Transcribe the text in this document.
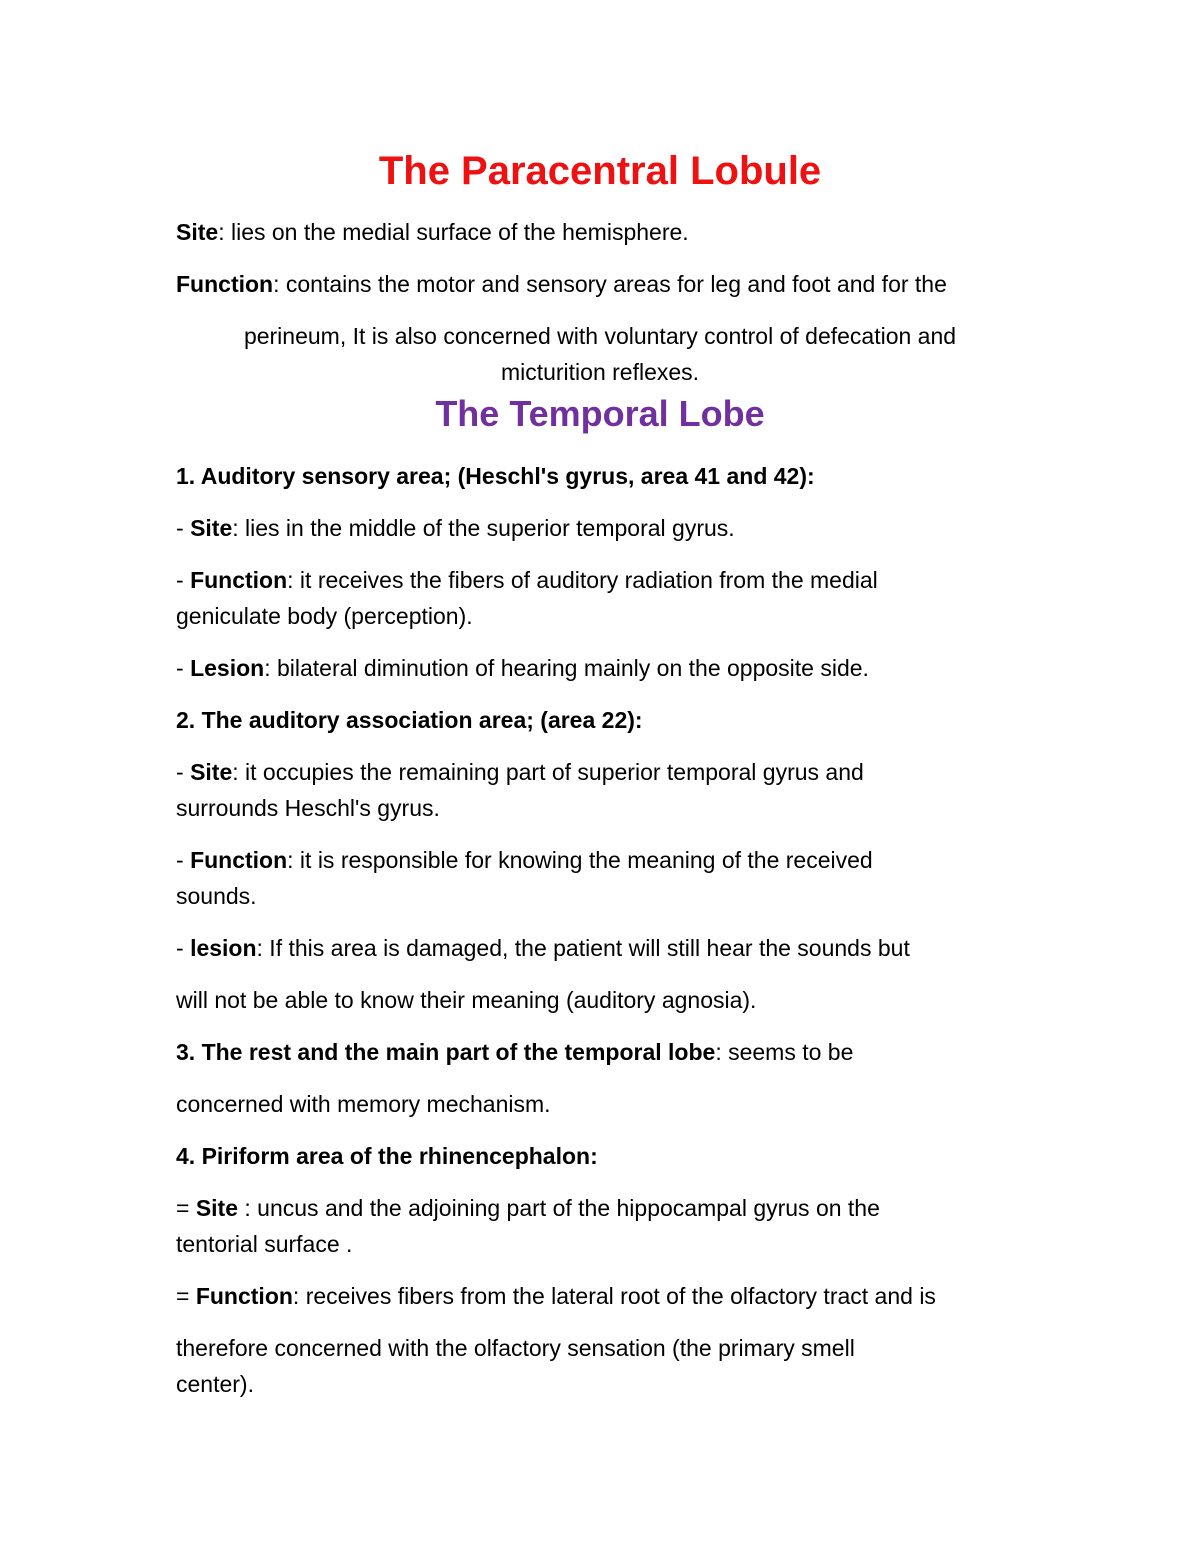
The Paracentral Lobule
Site: lies on the medial surface of the hemisphere.
Function: contains the motor and sensory areas for leg and foot and for the
perineum, It is also concerned with voluntary control of defecation and
micturition reflexes.
The Temporal Lobe
1. Auditory sensory area; (Heschl's gyrus, area 41 and 42):
- Site: lies in the middle of the superior temporal gyrus.
- Function: it receives the fibers of auditory radiation from the medial
geniculate body (perception).
- Lesion: bilateral diminution of hearing mainly on the opposite side.
2. The auditory association area; (area 22):
- Site: it occupies the remaining part of superior temporal gyrus and
surrounds Heschl's gyrus.
- Function: it is responsible for knowing the meaning of the received
sounds.
- lesion: If this area is damaged, the patient will still hear the sounds but
will not be able to know their meaning (auditory agnosia).
3. The rest and the main part of the temporal lobe: seems to be
concerned with memory mechanism.
4. Piriform area of the rhinencephalon:
= Site : uncus and the adjoining part of the hippocampal gyrus on the
tentorial surface .
= Function: receives fibers from the lateral root of the olfactory tract and is
therefore concerned with the olfactory sensation (the primary smell
center).
